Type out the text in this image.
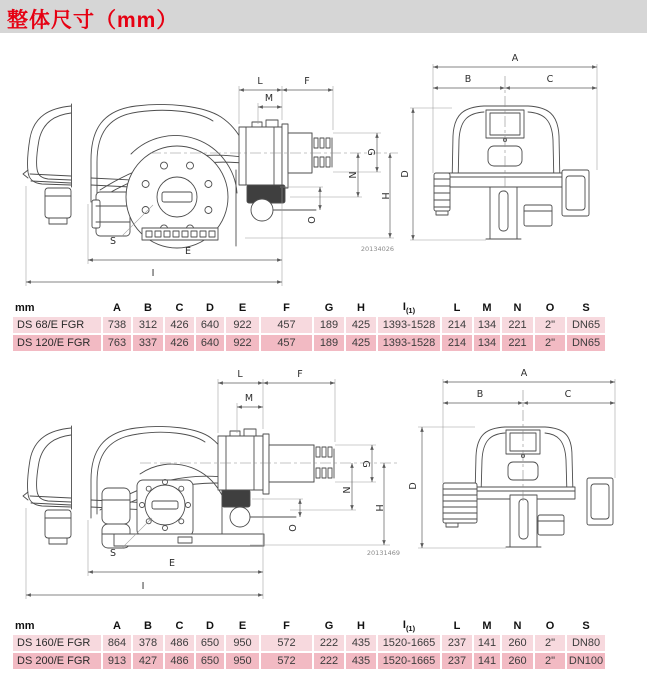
整体尺寸（mm）
L	F
M
G
N
H
O
S
E
I
20134026
A
B	C
D
mm	A	B	C	D	E	F	G	H	$I_{(1)}$	L	M	N	O	S
DS 68/E FGR	738	312	426	640	922	457	189	425	1393-1528	214	134	221	2"	DN65
DS 120/E FGR	763	337	426	640	922	457	189	425	1393-1528	214	134	221	2"	DN65
L	F
M
G
N
H
O
S
E
I
20131469
A
B	C
D
mm	A	B	C	D	E	F	G	H	$I_{(1)}$	L	M	N	O	S
DS 160/E FGR	864	378	486	650	950	572	222	435	1520-1665	237	141	260	2"	DN80
DS 200/E FGR	913	427	486	650	950	572	222	435	1520-1665	237	141	260	2"	DN100
